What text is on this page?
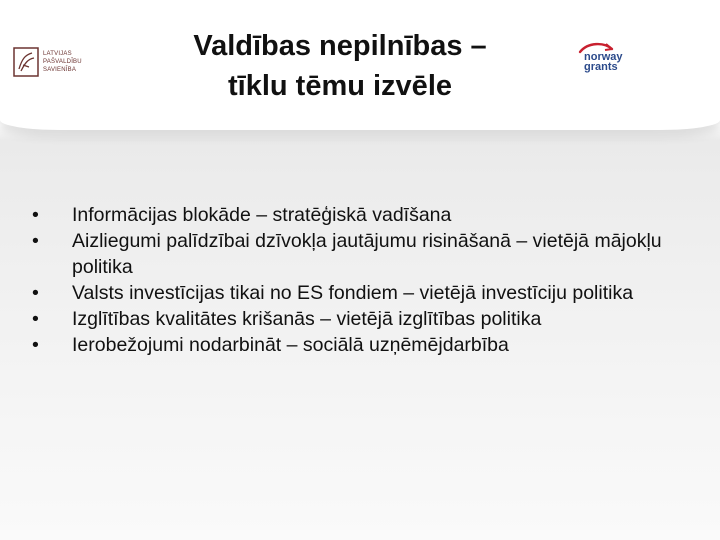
LATVIJAS
PAŠVALDĪBU
SAVIENĪBA
Valdības nepilnības –
tīklu tēmu izvēle
norway
grants
•	Informācijas blokāde – stratēģiskā vadīšana
•	Aizliegumi palīdzībai dzīvokļa jautājumu risināšanā – vietējā mājokļu politika
•	Valsts investīcijas tikai no ES fondiem – vietējā investīciju politika
•	Izglītības kvalitātes krišanās – vietējā izglītības politika
•	Ierobežojumi nodarbināt – sociālā uzņēmējdarbība
